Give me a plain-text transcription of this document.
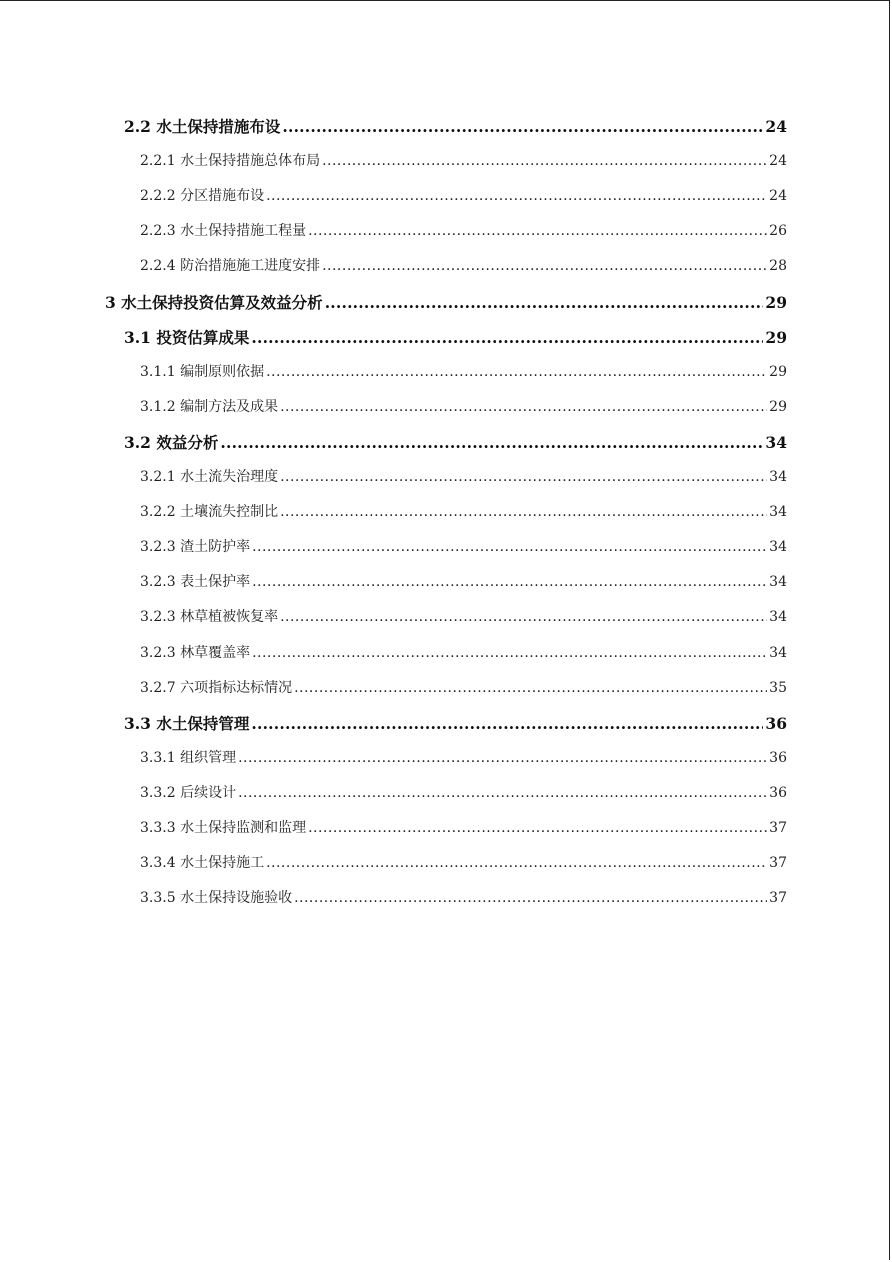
2.2 水土保持措施布设 .....	24
2.2.1 水土保持措施总体布局 .....	24
2.2.2 分区措施布设 .....	24
2.2.3 水土保持措施工程量 .....	26
2.2.4 防治措施施工进度安排 .....	28
3 水土保持投资估算及效益分析 .....	29
3.1 投资估算成果 .....	29
3.1.1 编制原则依据 .....	29
3.1.2 编制方法及成果 .....	29
3.2 效益分析 .....	34
3.2.1 水土流失治理度 .....	34
3.2.2 土壤流失控制比 .....	34
3.2.3 渣土防护率 .....	34
3.2.3 表土保护率 .....	34
3.2.3 林草植被恢复率 .....	34
3.2.3 林草覆盖率 .....	34
3.2.7 六项指标达标情况 .....	35
3.3 水土保持管理 .....	36
3.3.1 组织管理 .....	36
3.3.2 后续设计 .....	36
3.3.3 水土保持监测和监理 .....	37
3.3.4 水土保持施工 .....	37
3.3.5 水土保持设施验收 .....	37
